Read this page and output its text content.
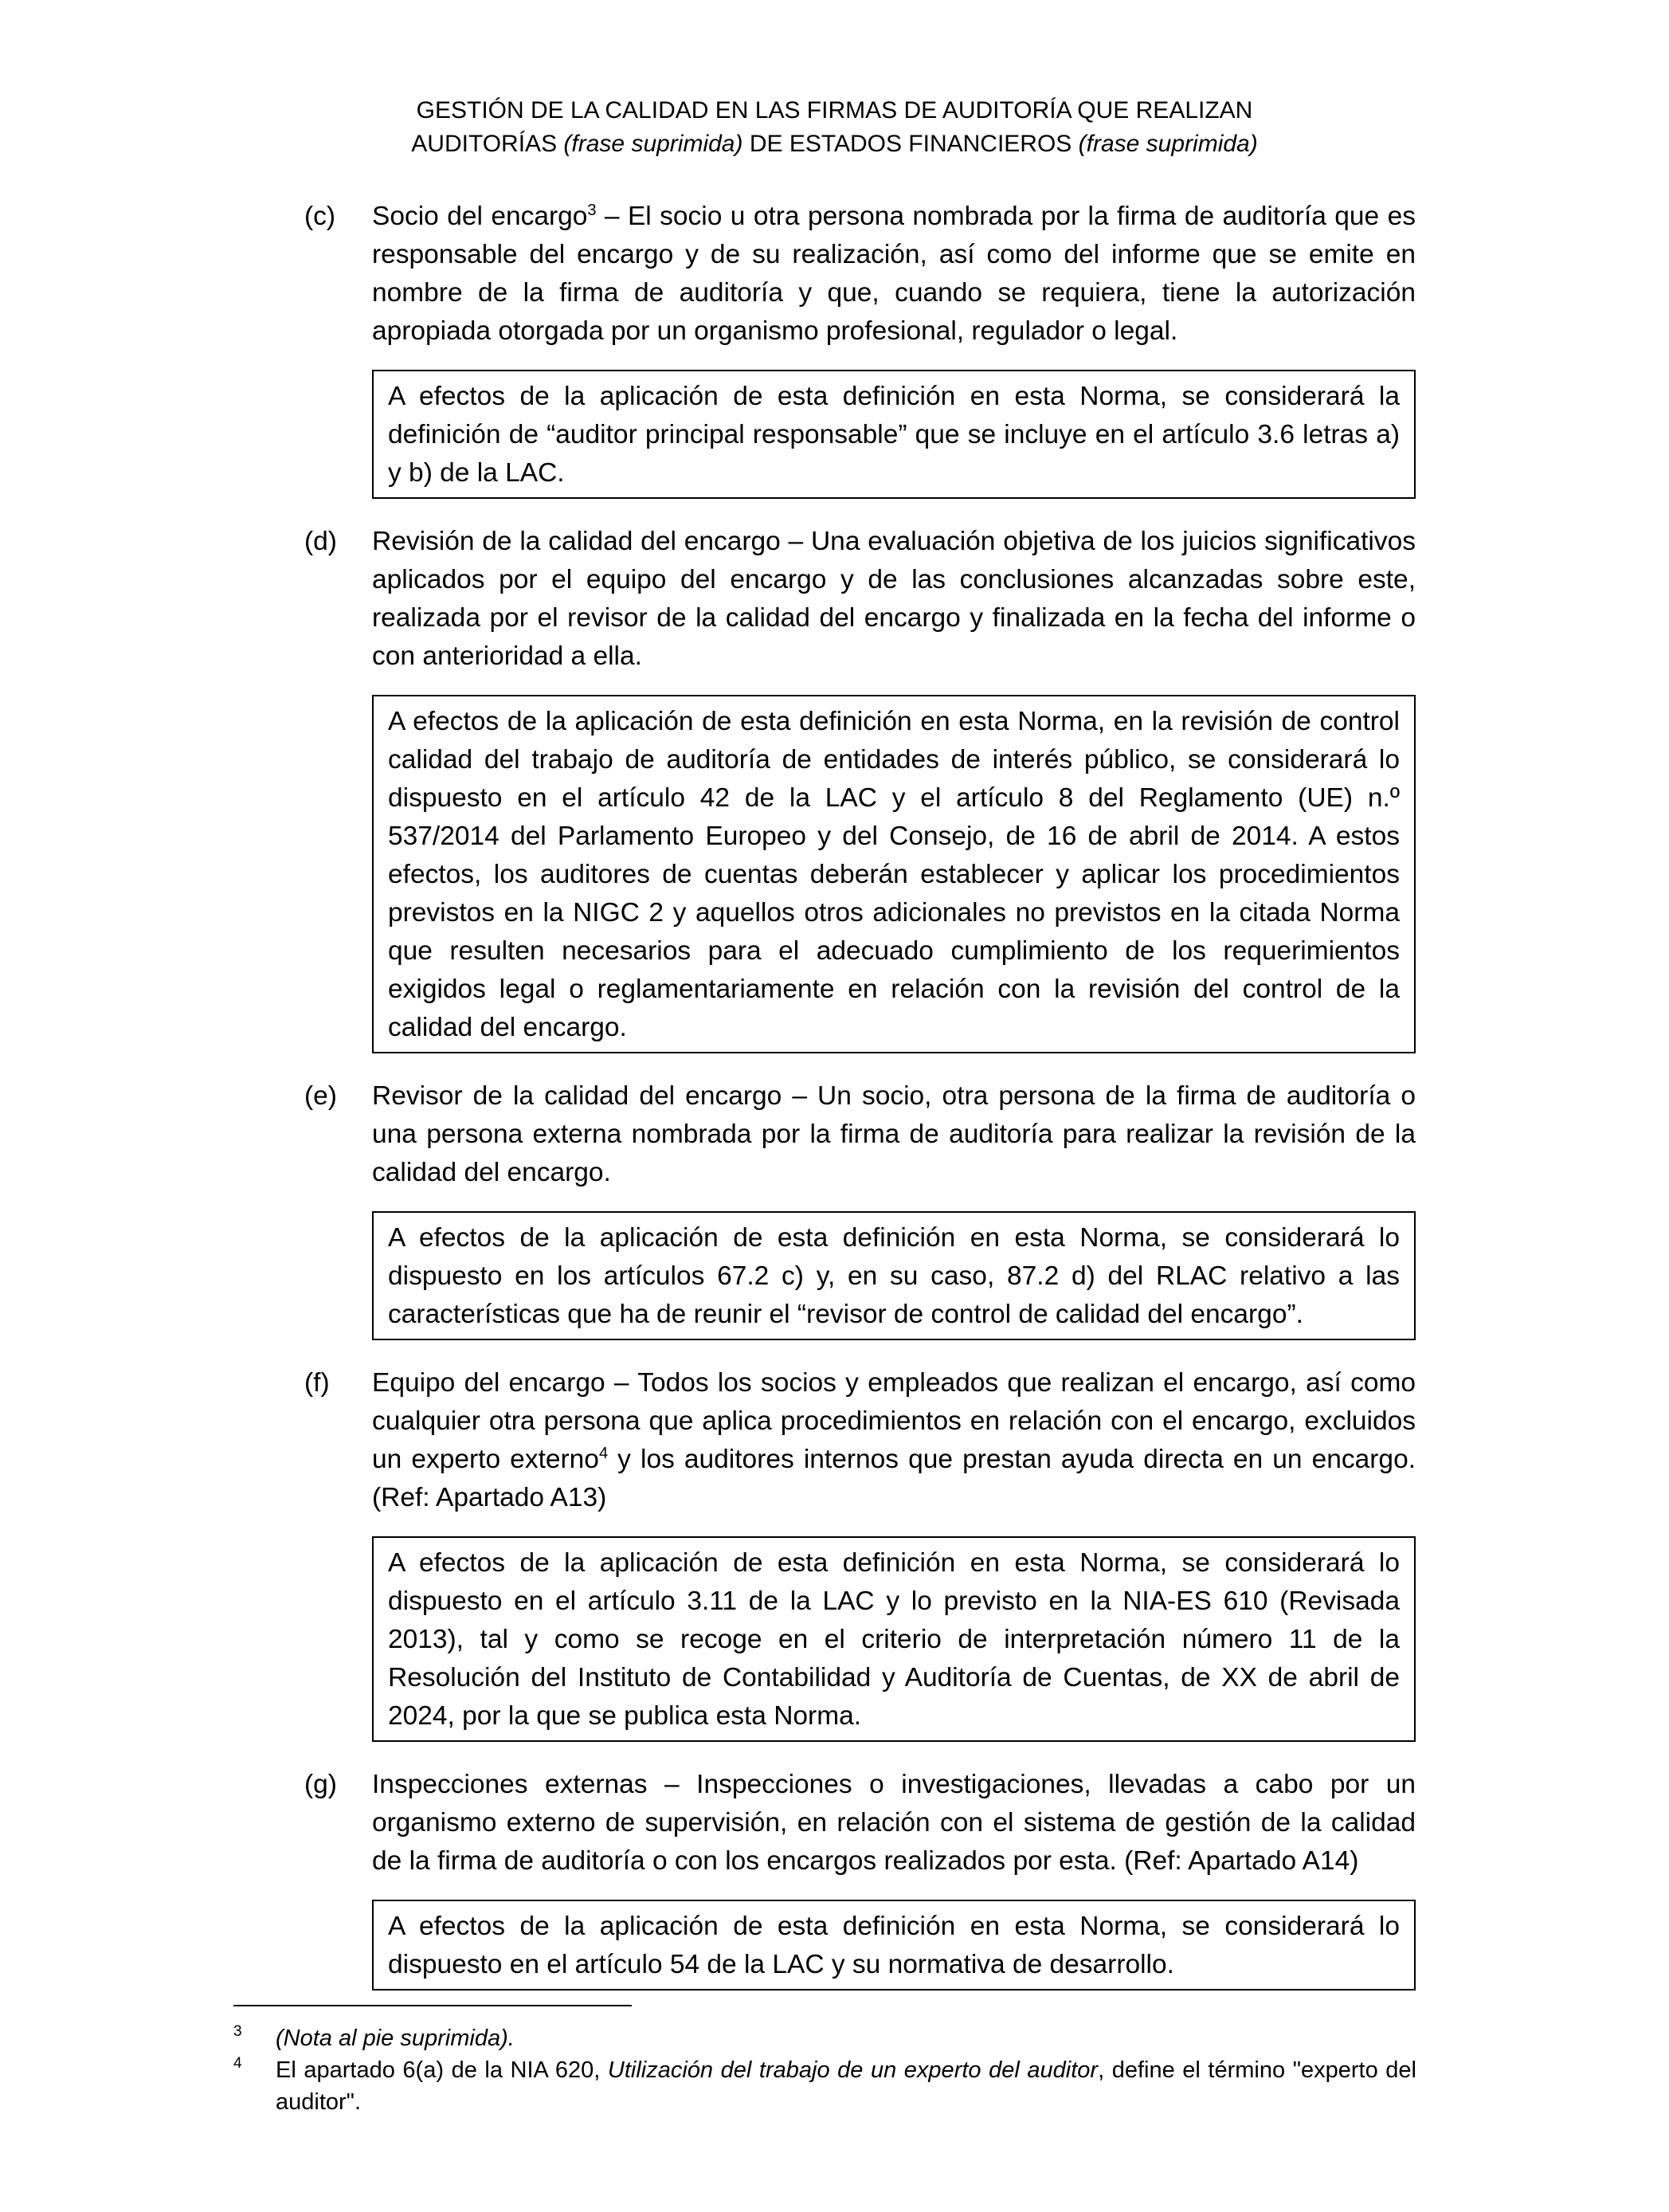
GESTIÓN DE LA CALIDAD EN LAS FIRMAS DE AUDITORÍA QUE REALIZAN
AUDITORÍAS (frase suprimida) DE ESTADOS FINANCIEROS (frase suprimida)
(c) Socio del encargo$^3$ – El socio u otra persona nombrada por la firma de auditoría que es responsable del encargo y de su realización, así como del informe que se emite en nombre de la firma de auditoría y que, cuando se requiera, tiene la autorización apropiada otorgada por un organismo profesional, regulador o legal.
A efectos de la aplicación de esta definición en esta Norma, se considerará la definición de “auditor principal responsable” que se incluye en el artículo 3.6 letras a) y b) de la LAC.
(d) Revisión de la calidad del encargo – Una evaluación objetiva de los juicios significativos aplicados por el equipo del encargo y de las conclusiones alcanzadas sobre este, realizada por el revisor de la calidad del encargo y finalizada en la fecha del informe o con anterioridad a ella.
A efectos de la aplicación de esta definición en esta Norma, en la revisión de control calidad del trabajo de auditoría de entidades de interés público, se considerará lo dispuesto en el artículo 42 de la LAC y el artículo 8 del Reglamento (UE) n.º 537/2014 del Parlamento Europeo y del Consejo, de 16 de abril de 2014. A estos efectos, los auditores de cuentas deberán establecer y aplicar los procedimientos previstos en la NIGC 2 y aquellos otros adicionales no previstos en la citada Norma que resulten necesarios para el adecuado cumplimiento de los requerimientos exigidos legal o reglamentariamente en relación con la revisión del control de la calidad del encargo.
(e) Revisor de la calidad del encargo – Un socio, otra persona de la firma de auditoría o una persona externa nombrada por la firma de auditoría para realizar la revisión de la calidad del encargo.
A efectos de la aplicación de esta definición en esta Norma, se considerará lo dispuesto en los artículos 67.2 c) y, en su caso, 87.2 d) del RLAC relativo a las características que ha de reunir el “revisor de control de calidad del encargo”.
(f) Equipo del encargo – Todos los socios y empleados que realizan el encargo, así como cualquier otra persona que aplica procedimientos en relación con el encargo, excluidos un experto externo$^4$ y los auditores internos que prestan ayuda directa en un encargo. (Ref: Apartado A13)
A efectos de la aplicación de esta definición en esta Norma, se considerará lo dispuesto en el artículo 3.11 de la LAC y lo previsto en la NIA-ES 610 (Revisada 2013), tal y como se recoge en el criterio de interpretación número 11 de la Resolución del Instituto de Contabilidad y Auditoría de Cuentas, de XX de abril de 2024, por la que se publica esta Norma.
(g) Inspecciones externas – Inspecciones o investigaciones, llevadas a cabo por un organismo externo de supervisión, en relación con el sistema de gestión de la calidad de la firma de auditoría o con los encargos realizados por esta. (Ref: Apartado A14)
A efectos de la aplicación de esta definición en esta Norma, se considerará lo dispuesto en el artículo 54 de la LAC y su normativa de desarrollo.
3 (Nota al pie suprimida).
4 El apartado 6(a) de la NIA 620, Utilización del trabajo de un experto del auditor, define el término "experto del auditor".
